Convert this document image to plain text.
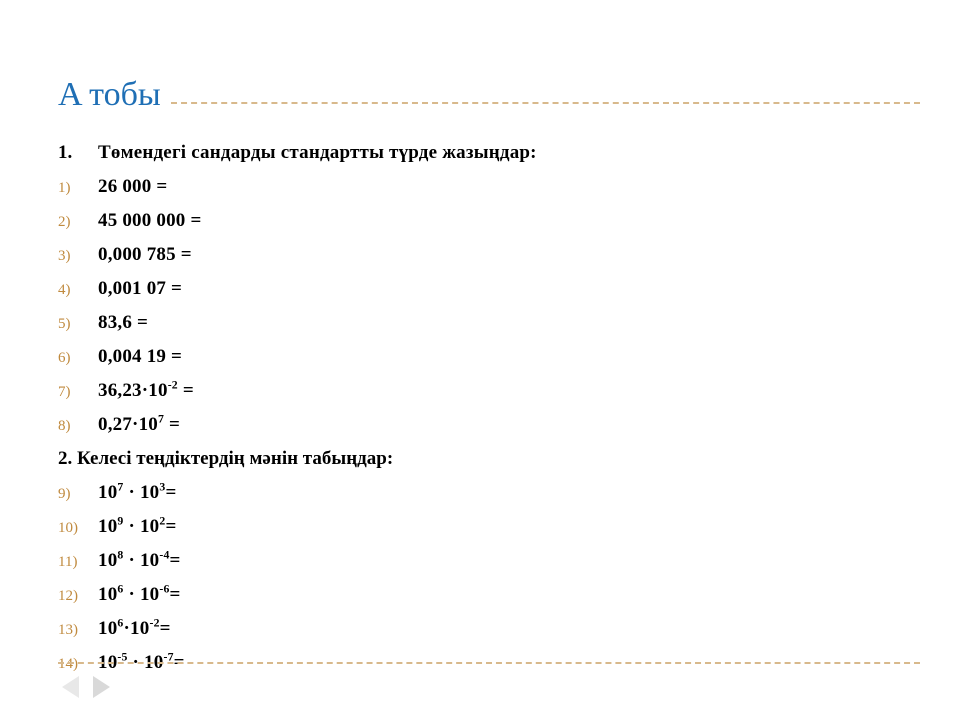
A тобы
1.	Төмендегі сандарды стандартты түрде жазыңдар:
1)	26 000 =
2)	45 000 000 =
3)	0,000 785 =
4)	0,001 07 =
5)	83,6 =
6)	0,004 19 =
7)	$36,23\cdot 10^{-2}$ =
8)	$0,27\cdot 10^7$ =
2. Келесі теңдіктердің мәнін табыңдар:
9)	$10^7 \cdot 10^3=$
10)	$10^9 \cdot 10^2=$
11)	$10^8 \cdot 10^{-4}=$
12)	$10^6 \cdot 10^{-6}=$
13)	$10^6\cdot 10^{-2}=$
14)	$10^{-5} \cdot 10^{-7}=$
